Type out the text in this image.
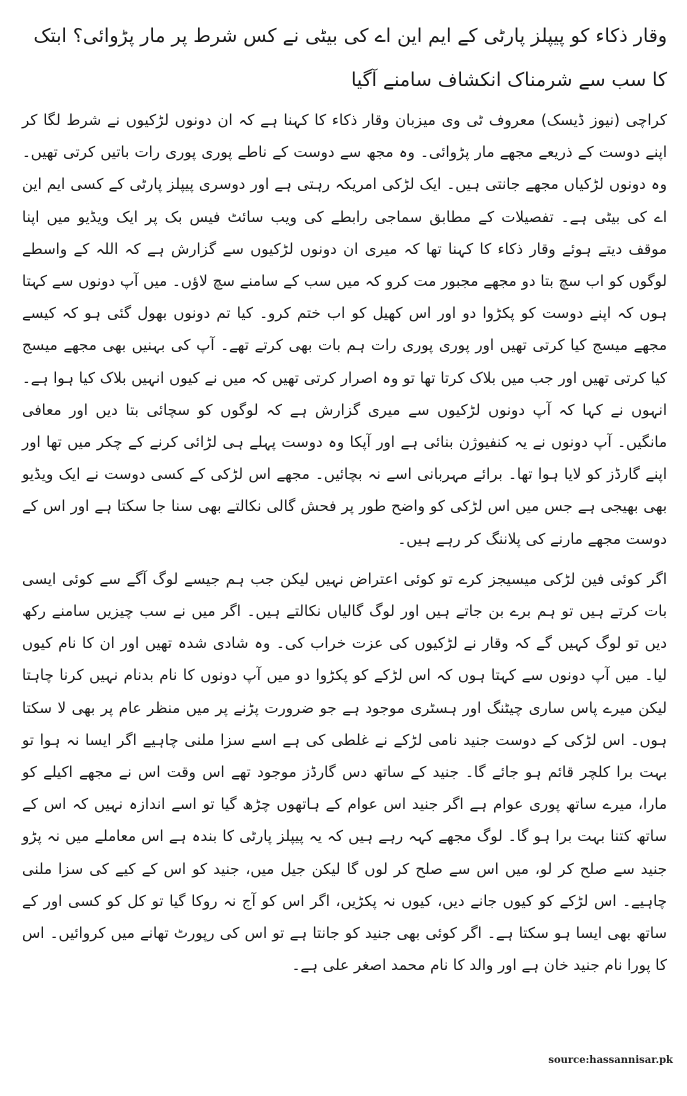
وقار ذکاء کو پیپلز پارٹی کے ایم این اے کی بیٹی نے کس شرط پر مار پڑوائی؟ ابتک کا سب سے شرمناک انکشاف سامنے آگیا

کراچی (نیوز ڈیسک) معروف ٹی وی میزبان وقار ذکاء کا کہنا ہے کہ ان دونوں لڑکیوں نے شرط لگا کر اپنے دوست کے ذریعے مجھے مار پڑوائی۔ وہ مجھ سے دوست کے ناطے پوری پوری رات باتیں کرتی تھیں۔ وہ دونوں لڑکیاں مجھے جانتی ہیں۔ ایک لڑکی امریکہ رہتی ہے اور دوسری پیپلز پارٹی کے کسی ایم این اے کی بیٹی ہے۔ تفصیلات کے مطابق سماجی رابطے کی ویب سائٹ فیس بک پر ایک ویڈیو میں اپنا موقف دیتے ہوئے وقار ذکاء کا کہنا تھا کہ میری ان دونوں لڑکیوں سے گزارش ہے کہ اللہ کے واسطے لوگوں کو اب سچ بتا دو مجھے مجبور مت کرو کہ میں سب کے سامنے سچ لاؤں۔ میں آپ دونوں سے کہتا ہوں کہ اپنے دوست کو پکڑوا دو اور اس کھیل کو اب ختم کرو۔ کیا تم دونوں بھول گئی ہو کہ کیسے مجھے میسج کیا کرتی تھیں اور پوری پوری رات ہم بات بھی کرتے تھے۔ آپ کی بہنیں بھی مجھے میسج کیا کرتی تھیں اور جب میں بلاک کرتا تھا تو وہ اصرار کرتی تھیں کہ میں نے کیوں انہیں بلاک کیا ہوا ہے۔ انہوں نے کہا کہ آپ دونوں لڑکیوں سے میری گزارش ہے کہ لوگوں کو سچائی بتا دیں اور معافی مانگیں۔ آپ دونوں نے یہ کنفیوژن بنائی ہے اور آپکا وہ دوست پہلے ہی لڑائی کرنے کے چکر میں تھا اور اپنے گارڈز کو لایا ہوا تھا۔ برائے مہربانی اسے نہ بچائیں۔ مجھے اس لڑکی کے کسی دوست نے ایک ویڈیو بھی بھیجی ہے جس میں اس لڑکی کو واضح طور پر فحش گالی نکالتے بھی سنا جا سکتا ہے اور اس کے دوست مجھے مارنے کی پلاننگ کر رہے ہیں۔

اگر کوئی فین لڑکی میسیجز کرے تو کوئی اعتراض نہیں لیکن جب ہم جیسے لوگ آگے سے کوئی ایسی بات کرتے ہیں تو ہم برے بن جاتے ہیں اور لوگ گالیاں نکالتے ہیں۔ اگر میں نے سب چیزیں سامنے رکھ دیں تو لوگ کہیں گے کہ وقار نے لڑکیوں کی عزت خراب کی۔ وہ شادی شدہ تھیں اور ان کا نام کیوں لیا۔ میں آپ دونوں سے کہتا ہوں کہ اس لڑکے کو پکڑوا دو میں آپ دونوں کا نام بدنام نہیں کرنا چاہتا لیکن میرے پاس ساری چیٹنگ اور ہسٹری موجود ہے جو ضرورت پڑنے پر میں منظر عام پر بھی لا سکتا ہوں۔ اس لڑکی کے دوست جنید نامی لڑکے نے غلطی کی ہے اسے سزا ملنی چاہیے اگر ایسا نہ ہوا تو بہت برا کلچر قائم ہو جائے گا۔ جنید کے ساتھ دس گارڈز موجود تھے اس وقت اس نے مجھے اکیلے کو مارا، میرے ساتھ پوری عوام ہے اگر جنید اس عوام کے ہاتھوں چڑھ گیا تو اسے اندازہ نہیں کہ اس کے ساتھ کتنا بہت برا ہو گا۔ لوگ مجھے کہہ رہے ہیں کہ یہ پیپلز پارٹی کا بندہ ہے اس معاملے میں نہ پڑو جنید سے صلح کر لو، میں اس سے صلح کر لوں گا لیکن جیل میں، جنید کو اس کے کیے کی سزا ملنی چاہیے۔ اس لڑکے کو کیوں جانے دیں، کیوں نہ پکڑیں، اگر اس کو آج نہ روکا گیا تو کل کو کسی اور کے ساتھ بھی ایسا ہو سکتا ہے۔ اگر کوئی بھی جنید کو جانتا ہے تو اس کی رپورٹ تھانے میں کروائیں۔ اس کا پورا نام جنید خان ہے اور والد کا نام محمد اصغر علی ہے۔

source:hassannisar.pk
